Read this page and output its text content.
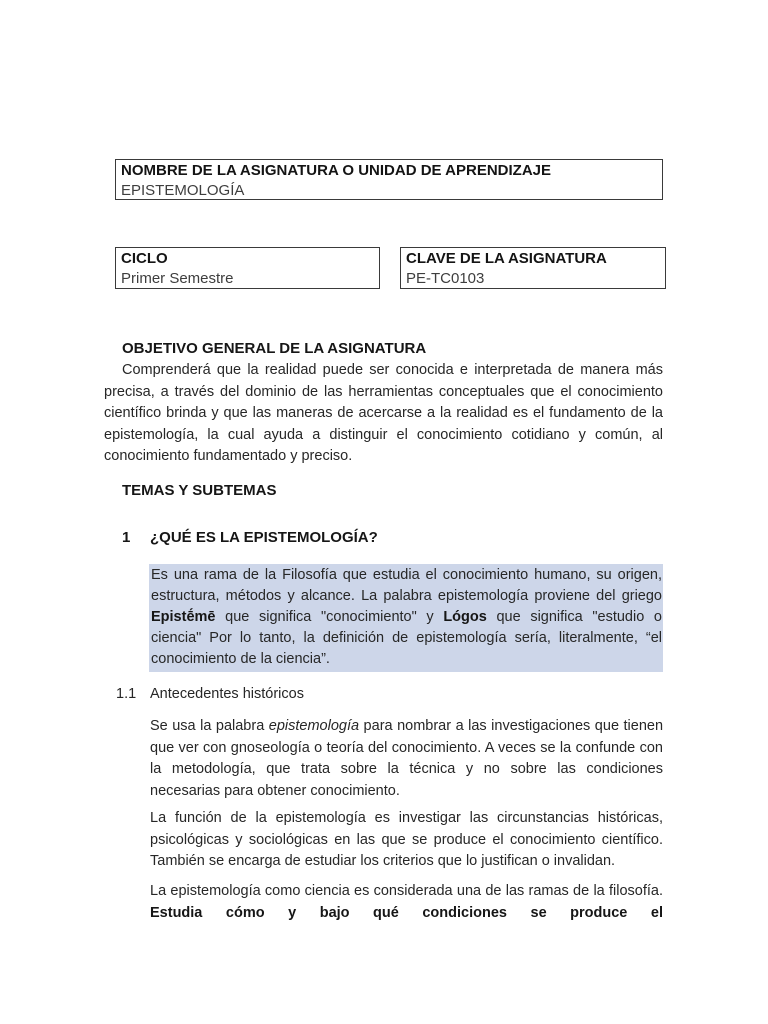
NOMBRE DE LA ASIGNATURA O UNIDAD DE APRENDIZAJE
EPISTEMOLOGÍA
CICLO
Primer Semestre
CLAVE DE LA ASIGNATURA
PE-TC0103
OBJETIVO GENERAL DE LA ASIGNATURA
Comprenderá que la realidad puede ser conocida e interpretada de manera más precisa, a través del dominio de las herramientas conceptuales que el conocimiento científico brinda y que las maneras de acercarse a la realidad es el fundamento de la epistemología, la cual ayuda a distinguir el conocimiento cotidiano y común, al conocimiento fundamentado y preciso.
TEMAS Y SUBTEMAS
1 ¿QUÉ ES LA EPISTEMOLOGÍA?
Es una rama de la Filosofía que estudia el conocimiento humano, su origen, estructura, métodos y alcance. La palabra epistemología proviene del griego Epistḗmē que significa "conocimiento" y Lógos que significa "estudio o ciencia" Por lo tanto, la definición de epistemología sería, literalmente, “el conocimiento de la ciencia”.
1.1 Antecedentes históricos
Se usa la palabra epistemología para nombrar a las investigaciones que tienen que ver con gnoseología o teoría del conocimiento. A veces se la confunde con la metodología, que trata sobre la técnica y no sobre las condiciones necesarias para obtener conocimiento.
La función de la epistemología es investigar las circunstancias históricas, psicológicas y sociológicas en las que se produce el conocimiento científico. También se encarga de estudiar los criterios que lo justifican o invalidan.
La epistemología como ciencia es considerada una de las ramas de la filosofía. Estudia cómo y bajo qué condiciones se produce el
